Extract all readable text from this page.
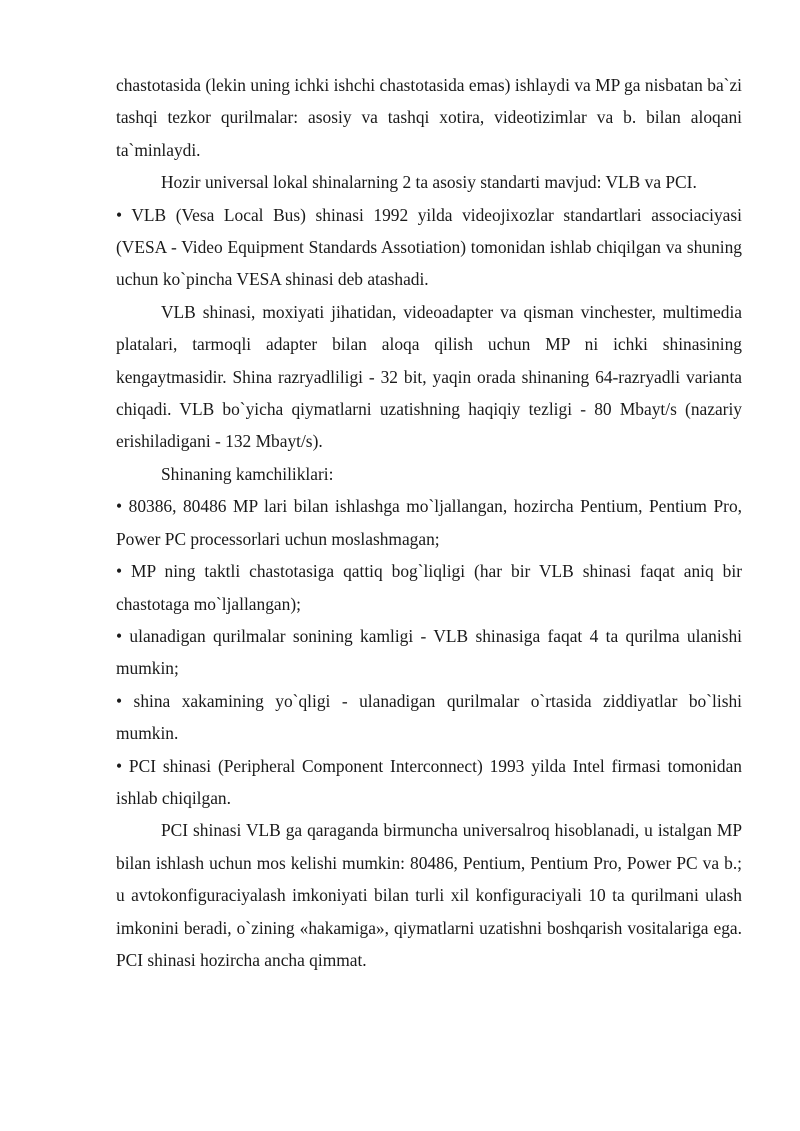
chastotasida (lekin uning ichki ishchi chastotasida emas) ishlaydi va MP ga nisbatan ba`zi tashqi tezkor qurilmalar: asosiy va tashqi xotira, videotizimlar va b. bilan aloqani ta`minlaydi.

Hozir universal lokal shinalarning 2 ta asosiy standarti mavjud: VLB va PCI.

• VLB (Vesa Local Bus) shinasi 1992 yilda videojixozlar standartlari associaciyasi (VESA - Video Equipment Standards Assotiation) tomonidan ishlab chiqilgan va shuning uchun ko`pincha VESA shinasi deb atashadi.

VLB shinasi, moxiyati jihatidan, videoadapter va qisman vinchester, multimedia platalari, tarmoqli adapter bilan aloqa qilish uchun MP ni ichki shinasining kengaytmasidir. Shina razryadliligi - 32 bit, yaqin orada shinaning 64-razryadli varianta chiqadi. VLB bo`yicha qiymatlarni uzatishning haqiqiy tezligi - 80 Mbayt/s (nazariy erishiladigani - 132 Mbayt/s).

Shinaning kamchiliklari:

• 80386, 80486 MP lari bilan ishlashga mo`ljallangan, hozircha Pentium, Pentium Pro, Power PC processorlari uchun moslashmagan;

• MP ning taktli chastotasiga qattiq bog`liqligi (har bir VLB shinasi faqat aniq bir chastotaga mo`ljallangan);

• ulanadigan qurilmalar sonining kamligi - VLB shinasiga faqat 4 ta qurilma ulanishi mumkin;

• shina xakamining yo`qligi - ulanadigan qurilmalar o`rtasida ziddiyatlar bo`lishi mumkin.

• PCI shinasi (Peripheral Component Interconnect) 1993 yilda Intel firmasi tomonidan ishlab chiqilgan.

PCI shinasi VLB ga qaraganda birmuncha universalroq hisoblanadi, u istalgan MP bilan ishlash uchun mos kelishi mumkin: 80486, Pentium, Pentium Pro, Power PC va b.; u avtokonfiguraciyalash imkoniyati bilan turli xil konfiguraciyali 10 ta qurilmani ulash imkonini beradi, o`zining «hakamiga», qiymatlarni uzatishni boshqarish vositalariga ega. PCI shinasi hozircha ancha qimmat.
